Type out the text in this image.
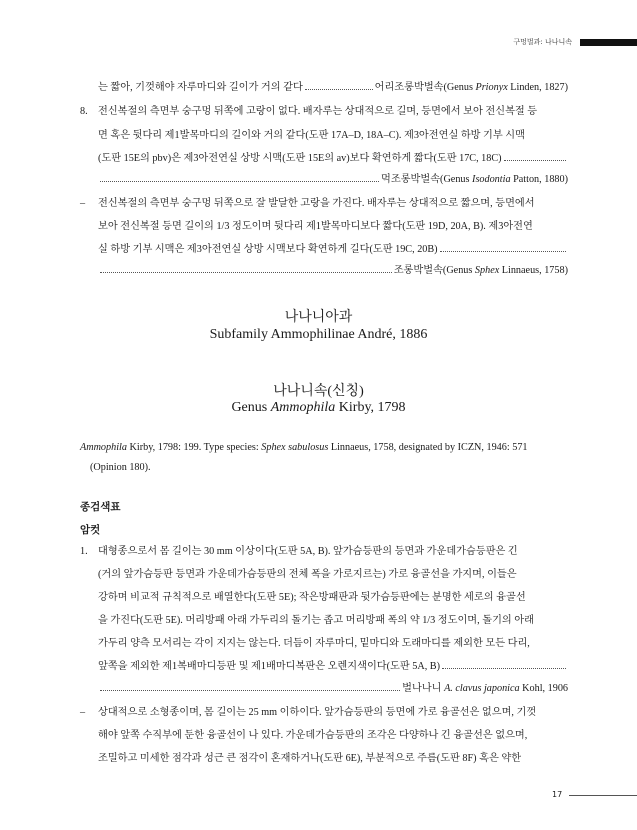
구멍벌과: 나나니속
는 짧아, 기껏해야 자루마디와 길이가 거의 같다	어리조롱박벌속(Genus Prionyx Linden, 1827)
8. 전신복절의 측면부 숭구멍 뒤쪽에 고랑이 없다. 배자루는 상대적으로 길며, 등면에서 보아 전신복절 등
면 혹은 뒷다리 제1발목마디의 길이와 거의 같다(도판 17A–D, 18A–C). 제3아전연실 하방 기부 시맥
(도판 15E의 pbv)은 제3아전연실 상방 시맥(도판 15E의 av)보다 확연하게 짧다(도판 17C, 18C)
먹조롱박벌속(Genus Isodontia Patton, 1880)
– 전신복절의 측면부 숭구멍 뒤쪽으로 잘 발달한 고랑을 가진다. 배자루는 상대적으로 짧으며, 등면에서
보아 전신복절 등면 길이의 1/3 정도이며 뒷다리 제1발목마디보다 짧다(도판 19D, 20A, B). 제3아전연
실 하방 기부 시맥은 제3아전연실 상방 시맥보다 확연하게 길다(도판 19C, 20B)
조롱박벌속(Genus Sphex Linnaeus, 1758)
나나니아과
Subfamily Ammophilinae André, 1886
나나니속(신칭)
Genus Ammophila Kirby, 1798
Ammophila Kirby, 1798: 199. Type species: Sphex sabulosus Linnaeus, 1758, designated by ICZN, 1946: 571
(Opinion 180).
종검색표
암컷
1. 대형종으로서 몸 길이는 30 mm 이상이다(도판 5A, B). 앞가슴등판의 등면과 가운데가슴등판은 긴
(거의 앞가슴등판 등면과 가운데가슴등판의 전체 폭을 가로지르는) 가로 융골선을 가지며, 이들은
강하며 비교적 규칙적으로 배열한다(도판 5E); 작은방패판과 뒷가슴등판에는 분명한 세로의 융골선
을 가진다(도판 5E). 머리방패 아래 가두리의 돌기는 좁고 머리방패 폭의 약 1/3 정도이며, 돌기의 아래
가두리 양측 모서리는 각이 지지는 않는다. 더듬이 자루마디, 밑마디와 도래마디를 제외한 모든 다리,
앞쪽을 제외한 제1복배마디등판 및 제1배마디복판은 오렌지색이다(도판 5A, B)
벌나나니 A. clavus japonica Kohl, 1906
– 상대적으로 소형종이며, 몸 길이는 25 mm 이하이다. 앞가슴등판의 등면에 가로 융골선은 없으며, 기껏
해야 앞쪽 수직부에 둔한 융골선이 나 있다. 가운데가슴등판의 조각은 다양하나 긴 융골선은 없으며,
조밀하고 미세한 점각과 성근 큰 점각이 혼재하거나(도판 6E), 부분적으로 주름(도판 8F) 혹은 약한
17
